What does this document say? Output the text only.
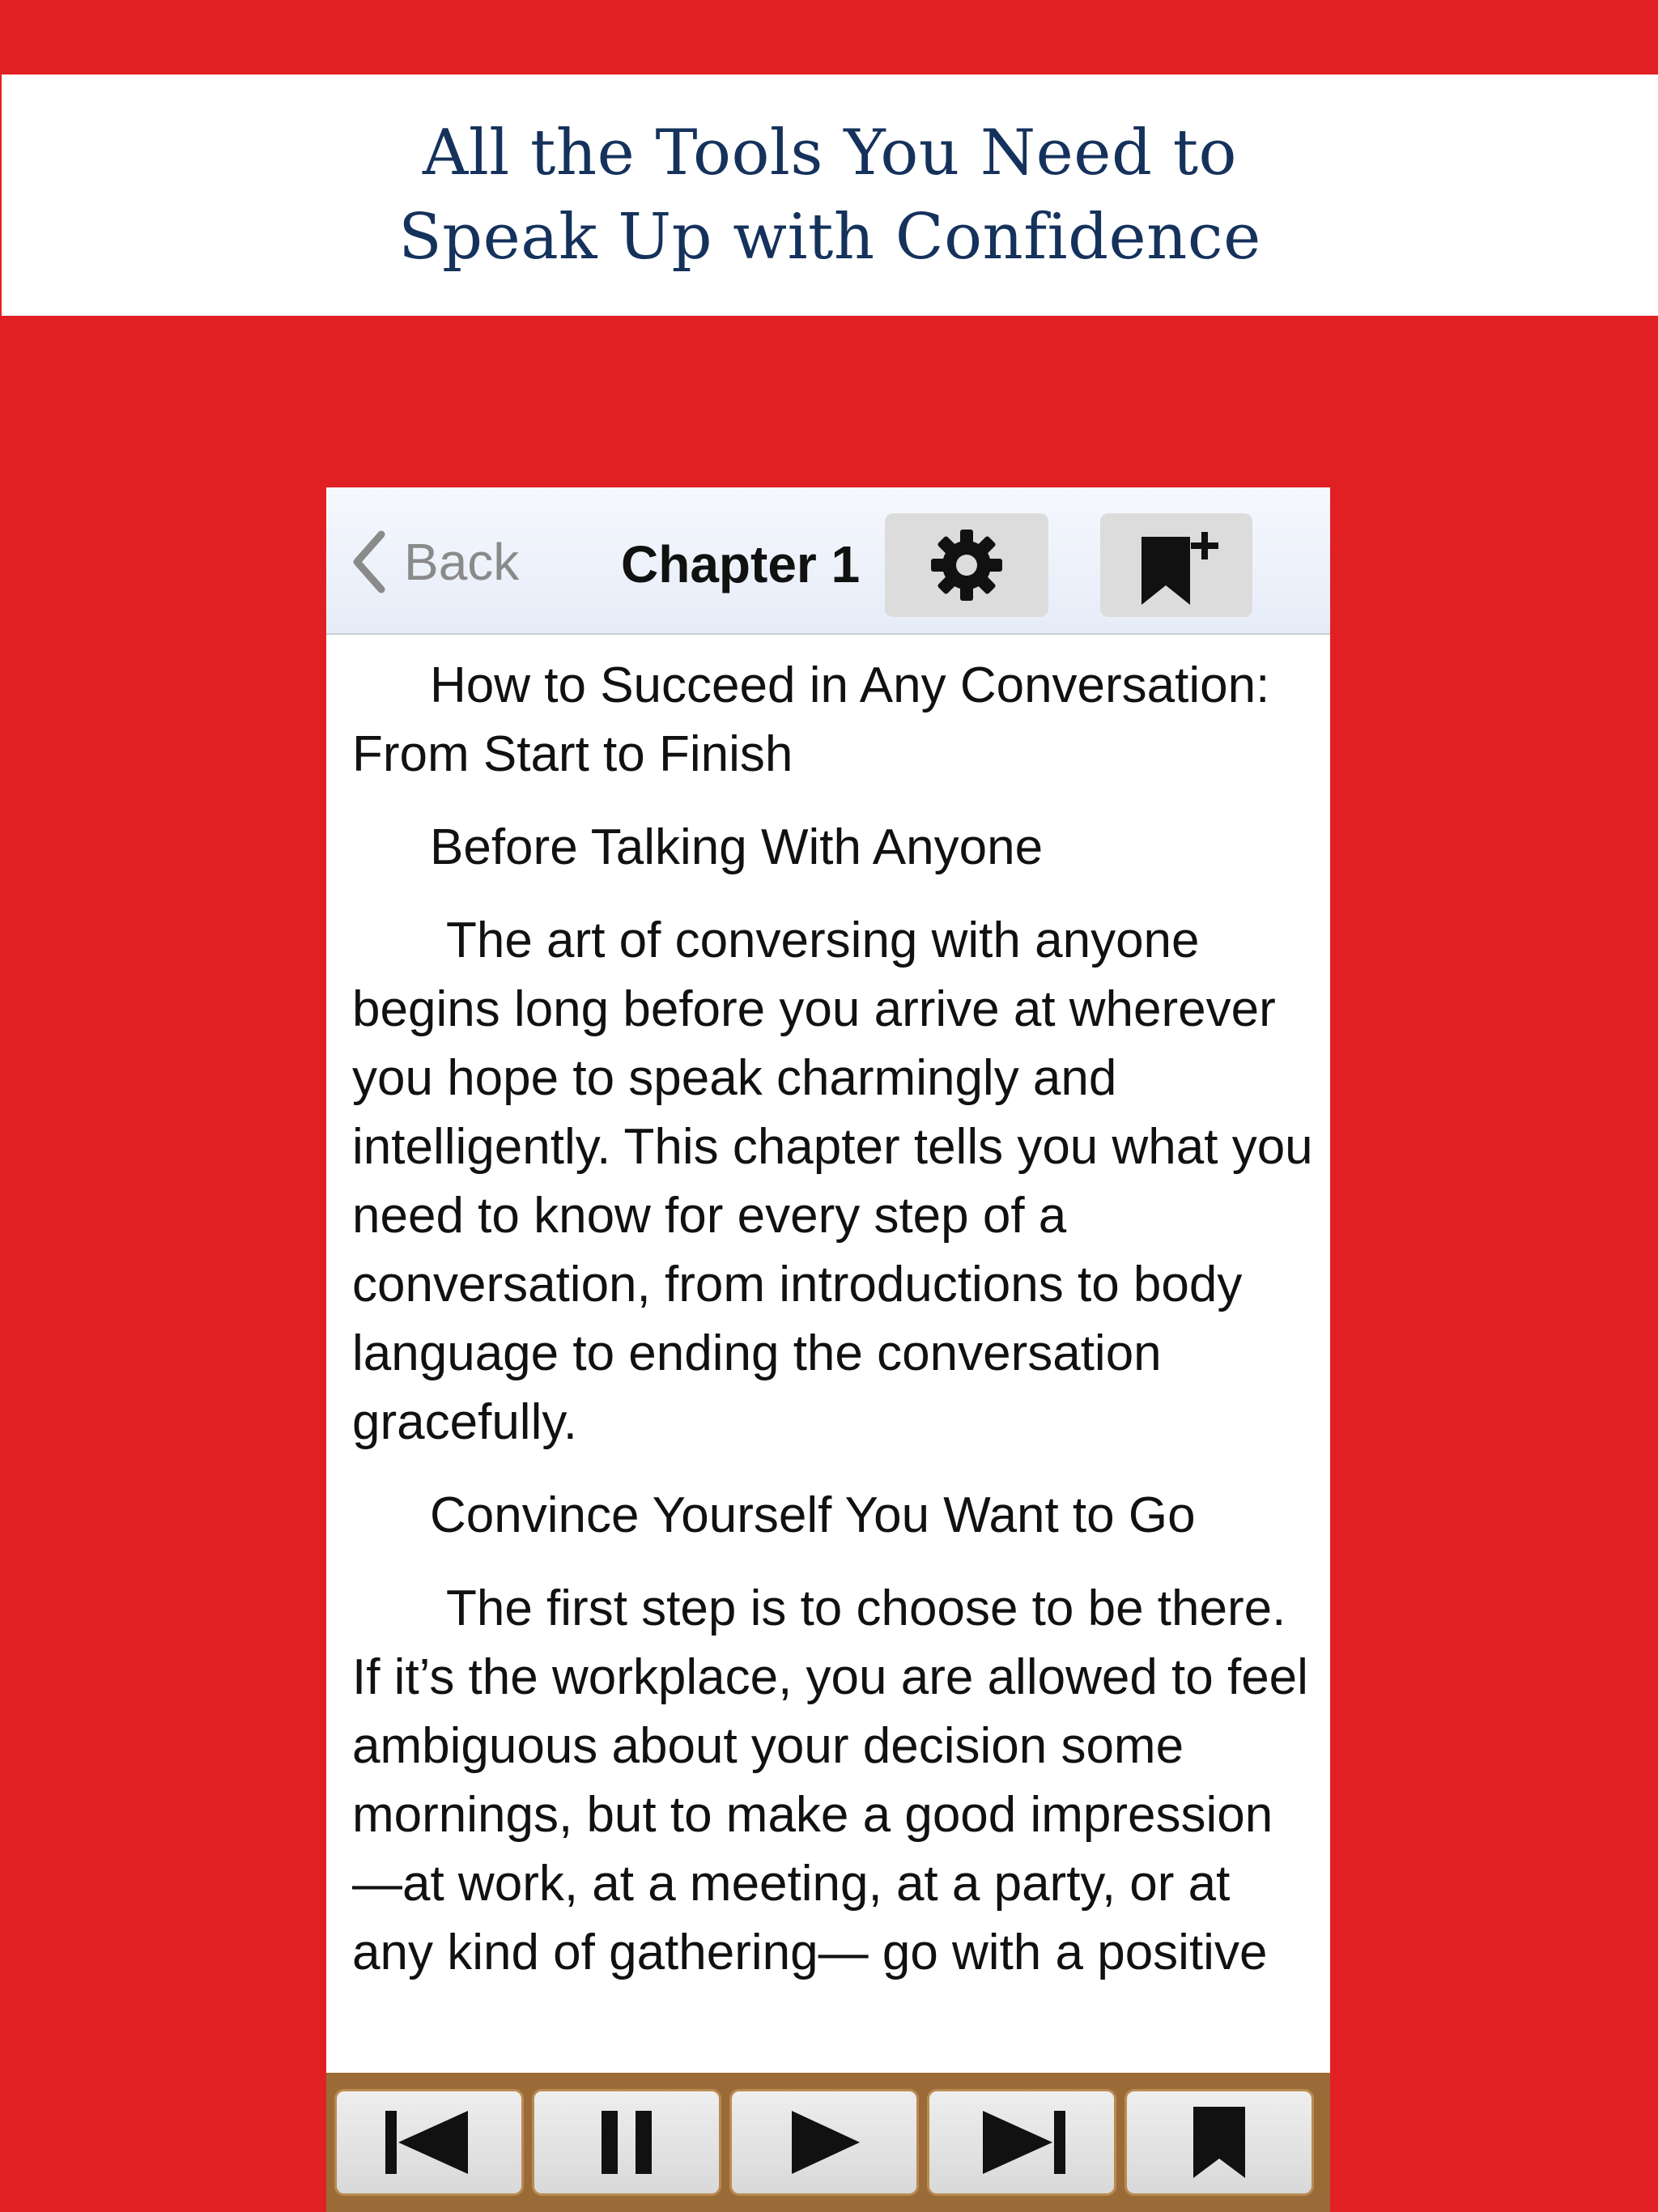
All the Tools You Need to
Speak Up with Confidence
Back Chapter 1

How to Succeed in Any Conversation: From Start to Finish

Before Talking With Anyone

The art of conversing with anyone begins long before you arrive at wherever you hope to speak charmingly and intelligently. This chapter tells you what you need to know for every step of a conversation, from introductions to body language to ending the conversation gracefully.

Convince Yourself You Want to Go

The first step is to choose to be there. If it’s the workplace, you are allowed to feel ambiguous about your decision some mornings, but to make a good impression—at work, at a meeting, at a party, or at any kind of gathering— go with a positive
